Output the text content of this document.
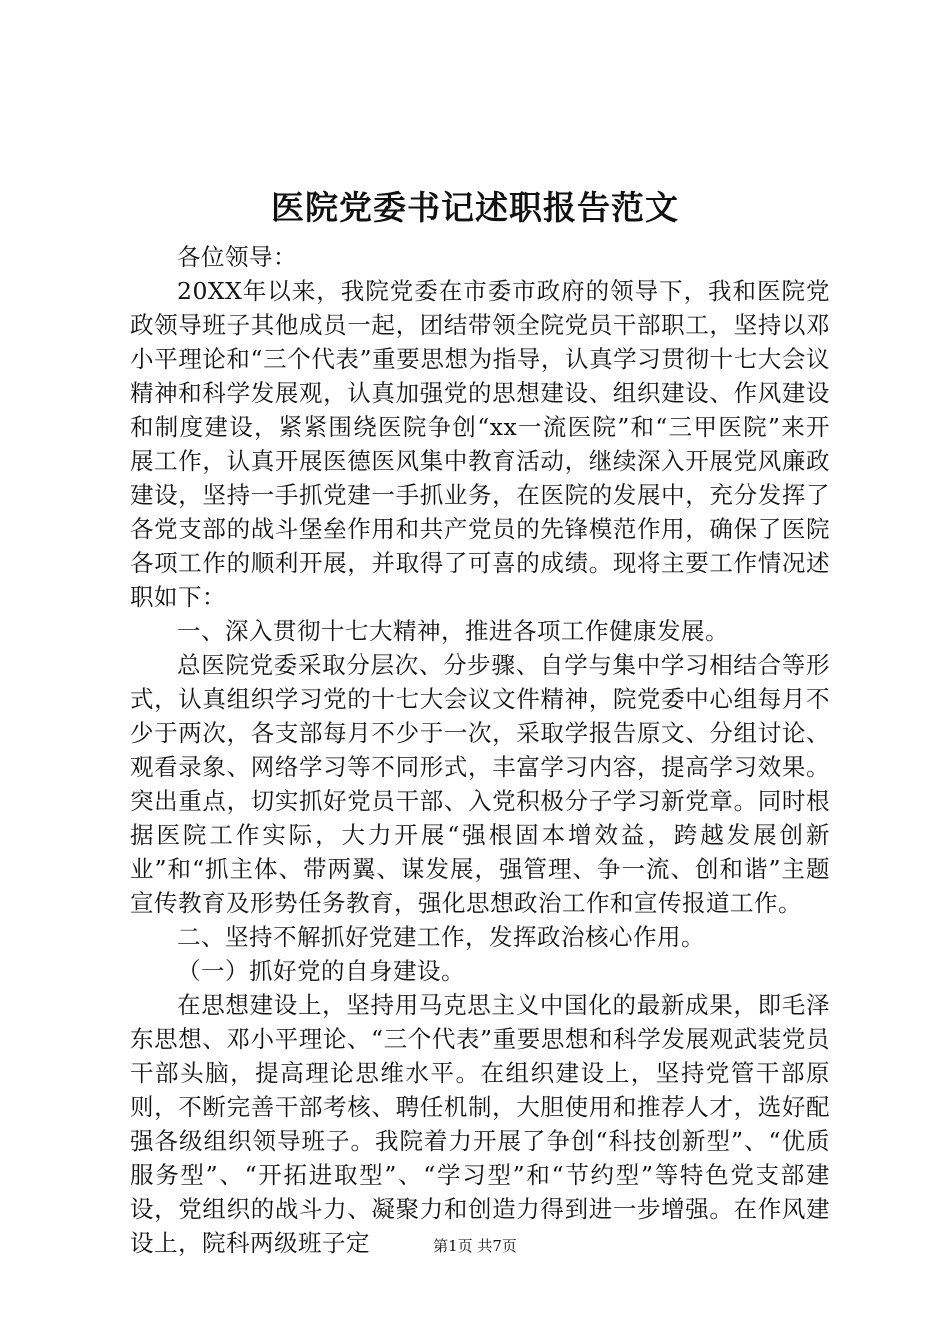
医院党委书记述职报告范文

各位领导：

20XX年以来，我院党委在市委市政府的领导下，我和医院党政领导班子其他成员一起，团结带领全院党员干部职工，坚持以邓小平理论和“三个代表”重要思想为指导，认真学习贯彻十七大会议精神和科学发展观，认真加强党的思想建设、组织建设、作风建设和制度建设，紧紧围绕医院争创“xx一流医院”和“三甲医院”来开展工作，认真开展医德医风集中教育活动，继续深入开展党风廉政建设，坚持一手抓党建一手抓业务，在医院的发展中，充分发挥了各党支部的战斗堡垒作用和共产党员的先锋模范作用，确保了医院各项工作的顺利开展，并取得了可喜的成绩。现将主要工作情况述职如下：

一、深入贯彻十七大精神，推进各项工作健康发展。

总医院党委采取分层次、分步骤、自学与集中学习相结合等形式，认真组织学习党的十七大会议文件精神，院党委中心组每月不少于两次，各支部每月不少于一次，采取学报告原文、分组讨论、观看录象、网络学习等不同形式，丰富学习内容，提高学习效果。突出重点，切实抓好党员干部、入党积极分子学习新党章。同时根据医院工作实际，大力开展“强根固本增效益，跨越发展创新业”和“抓主体、带两翼、谋发展，强管理、争一流、创和谐”主题宣传教育及形势任务教育，强化思想政治工作和宣传报道工作。

二、坚持不解抓好党建工作，发挥政治核心作用。

（一）抓好党的自身建设。

在思想建设上，坚持用马克思主义中国化的最新成果，即毛泽东思想、邓小平理论、“三个代表”重要思想和科学发展观武装党员干部头脑，提高理论思维水平。在组织建设上，坚持党管干部原则，不断完善干部考核、聘任机制，大胆使用和推荐人才，选好配强各级组织领导班子。我院着力开展了争创“科技创新型”、“优质服务型”、“开拓进取型”、“学习型”和“节约型”等特色党支部建设，党组织的战斗力、凝聚力和创造力得到进一步增强。在作风建设上，院科两级班子定	第1页 共7页
